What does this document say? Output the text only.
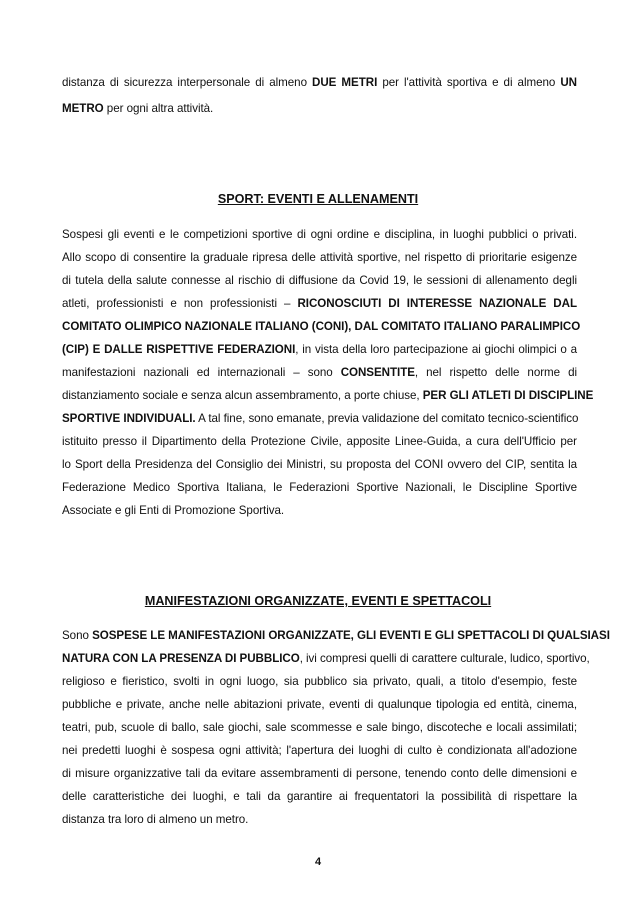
distanza di sicurezza interpersonale di almeno DUE METRI per l'attività sportiva e di almeno UN
METRO per ogni altra attività.
SPORT: EVENTI E ALLENAMENTI
Sospesi gli eventi e le competizioni sportive di ogni ordine e disciplina, in luoghi pubblici o privati.
Allo scopo di consentire la graduale ripresa delle attività sportive, nel rispetto di prioritarie esigenze
di tutela della salute connesse al rischio di diffusione da Covid 19, le sessioni di allenamento degli
atleti, professionisti e non professionisti – RICONOSCIUTI DI INTERESSE NAZIONALE DAL
COMITATO OLIMPICO NAZIONALE ITALIANO (CONI), DAL COMITATO ITALIANO PARALIMPICO
(CIP) E DALLE RISPETTIVE FEDERAZIONI, in vista della loro partecipazione ai giochi olimpici o a
manifestazioni nazionali ed internazionali – sono CONSENTITE, nel rispetto delle norme di
distanziamento sociale e senza alcun assembramento, a porte chiuse, PER GLI ATLETI DI DISCIPLINE
SPORTIVE INDIVIDUALI. A tal fine, sono emanate, previa validazione del comitato tecnico-scientifico
istituito presso il Dipartimento della Protezione Civile, apposite Linee-Guida, a cura dell'Ufficio per
lo Sport della Presidenza del Consiglio dei Ministri, su proposta del CONI ovvero del CIP, sentita la
Federazione Medico Sportiva Italiana, le Federazioni Sportive Nazionali, le Discipline Sportive
Associate e gli Enti di Promozione Sportiva.
MANIFESTAZIONI ORGANIZZATE, EVENTI E SPETTACOLI
Sono SOSPESE LE MANIFESTAZIONI ORGANIZZATE, GLI EVENTI E GLI SPETTACOLI DI QUALSIASI
NATURA CON LA PRESENZA DI PUBBLICO, ivi compresi quelli di carattere culturale, ludico, sportivo,
religioso e fieristico, svolti in ogni luogo, sia pubblico sia privato, quali, a titolo d'esempio, feste
pubbliche e private, anche nelle abitazioni private, eventi di qualunque tipologia ed entità, cinema,
teatri, pub, scuole di ballo, sale giochi, sale scommesse e sale bingo, discoteche e locali assimilati;
nei predetti luoghi è sospesa ogni attività; l'apertura dei luoghi di culto è condizionata all'adozione
di misure organizzative tali da evitare assembramenti di persone, tenendo conto delle dimensioni e
delle caratteristiche dei luoghi, e tali da garantire ai frequentatori la possibilità di rispettare la
distanza tra loro di almeno un metro.
4
